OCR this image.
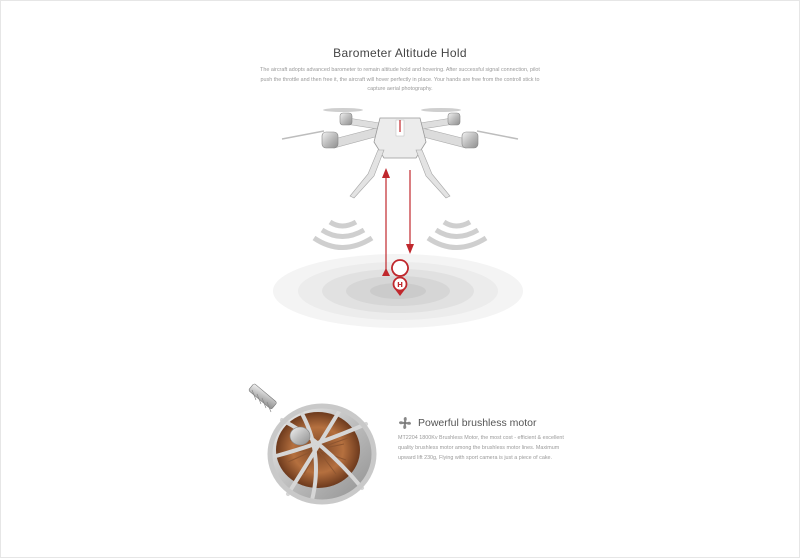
Barometer Altitude Hold
The aircraft adopts advanced barometer to remain altitude hold and hovering. After successful signal connection, pilot push the throttle and then free it, the aircraft will hover perfectly in place. Your hands are free from the controll stick to capture aerial photography.
H
Powerful brushless motor
MT2204 1800Kv Brushless Motor, the most cost - efficient & excellent quality brushless motor among the brushless motor lines. Maximum upward lift 230g, Flying with sport camera is just a piece of cake.
